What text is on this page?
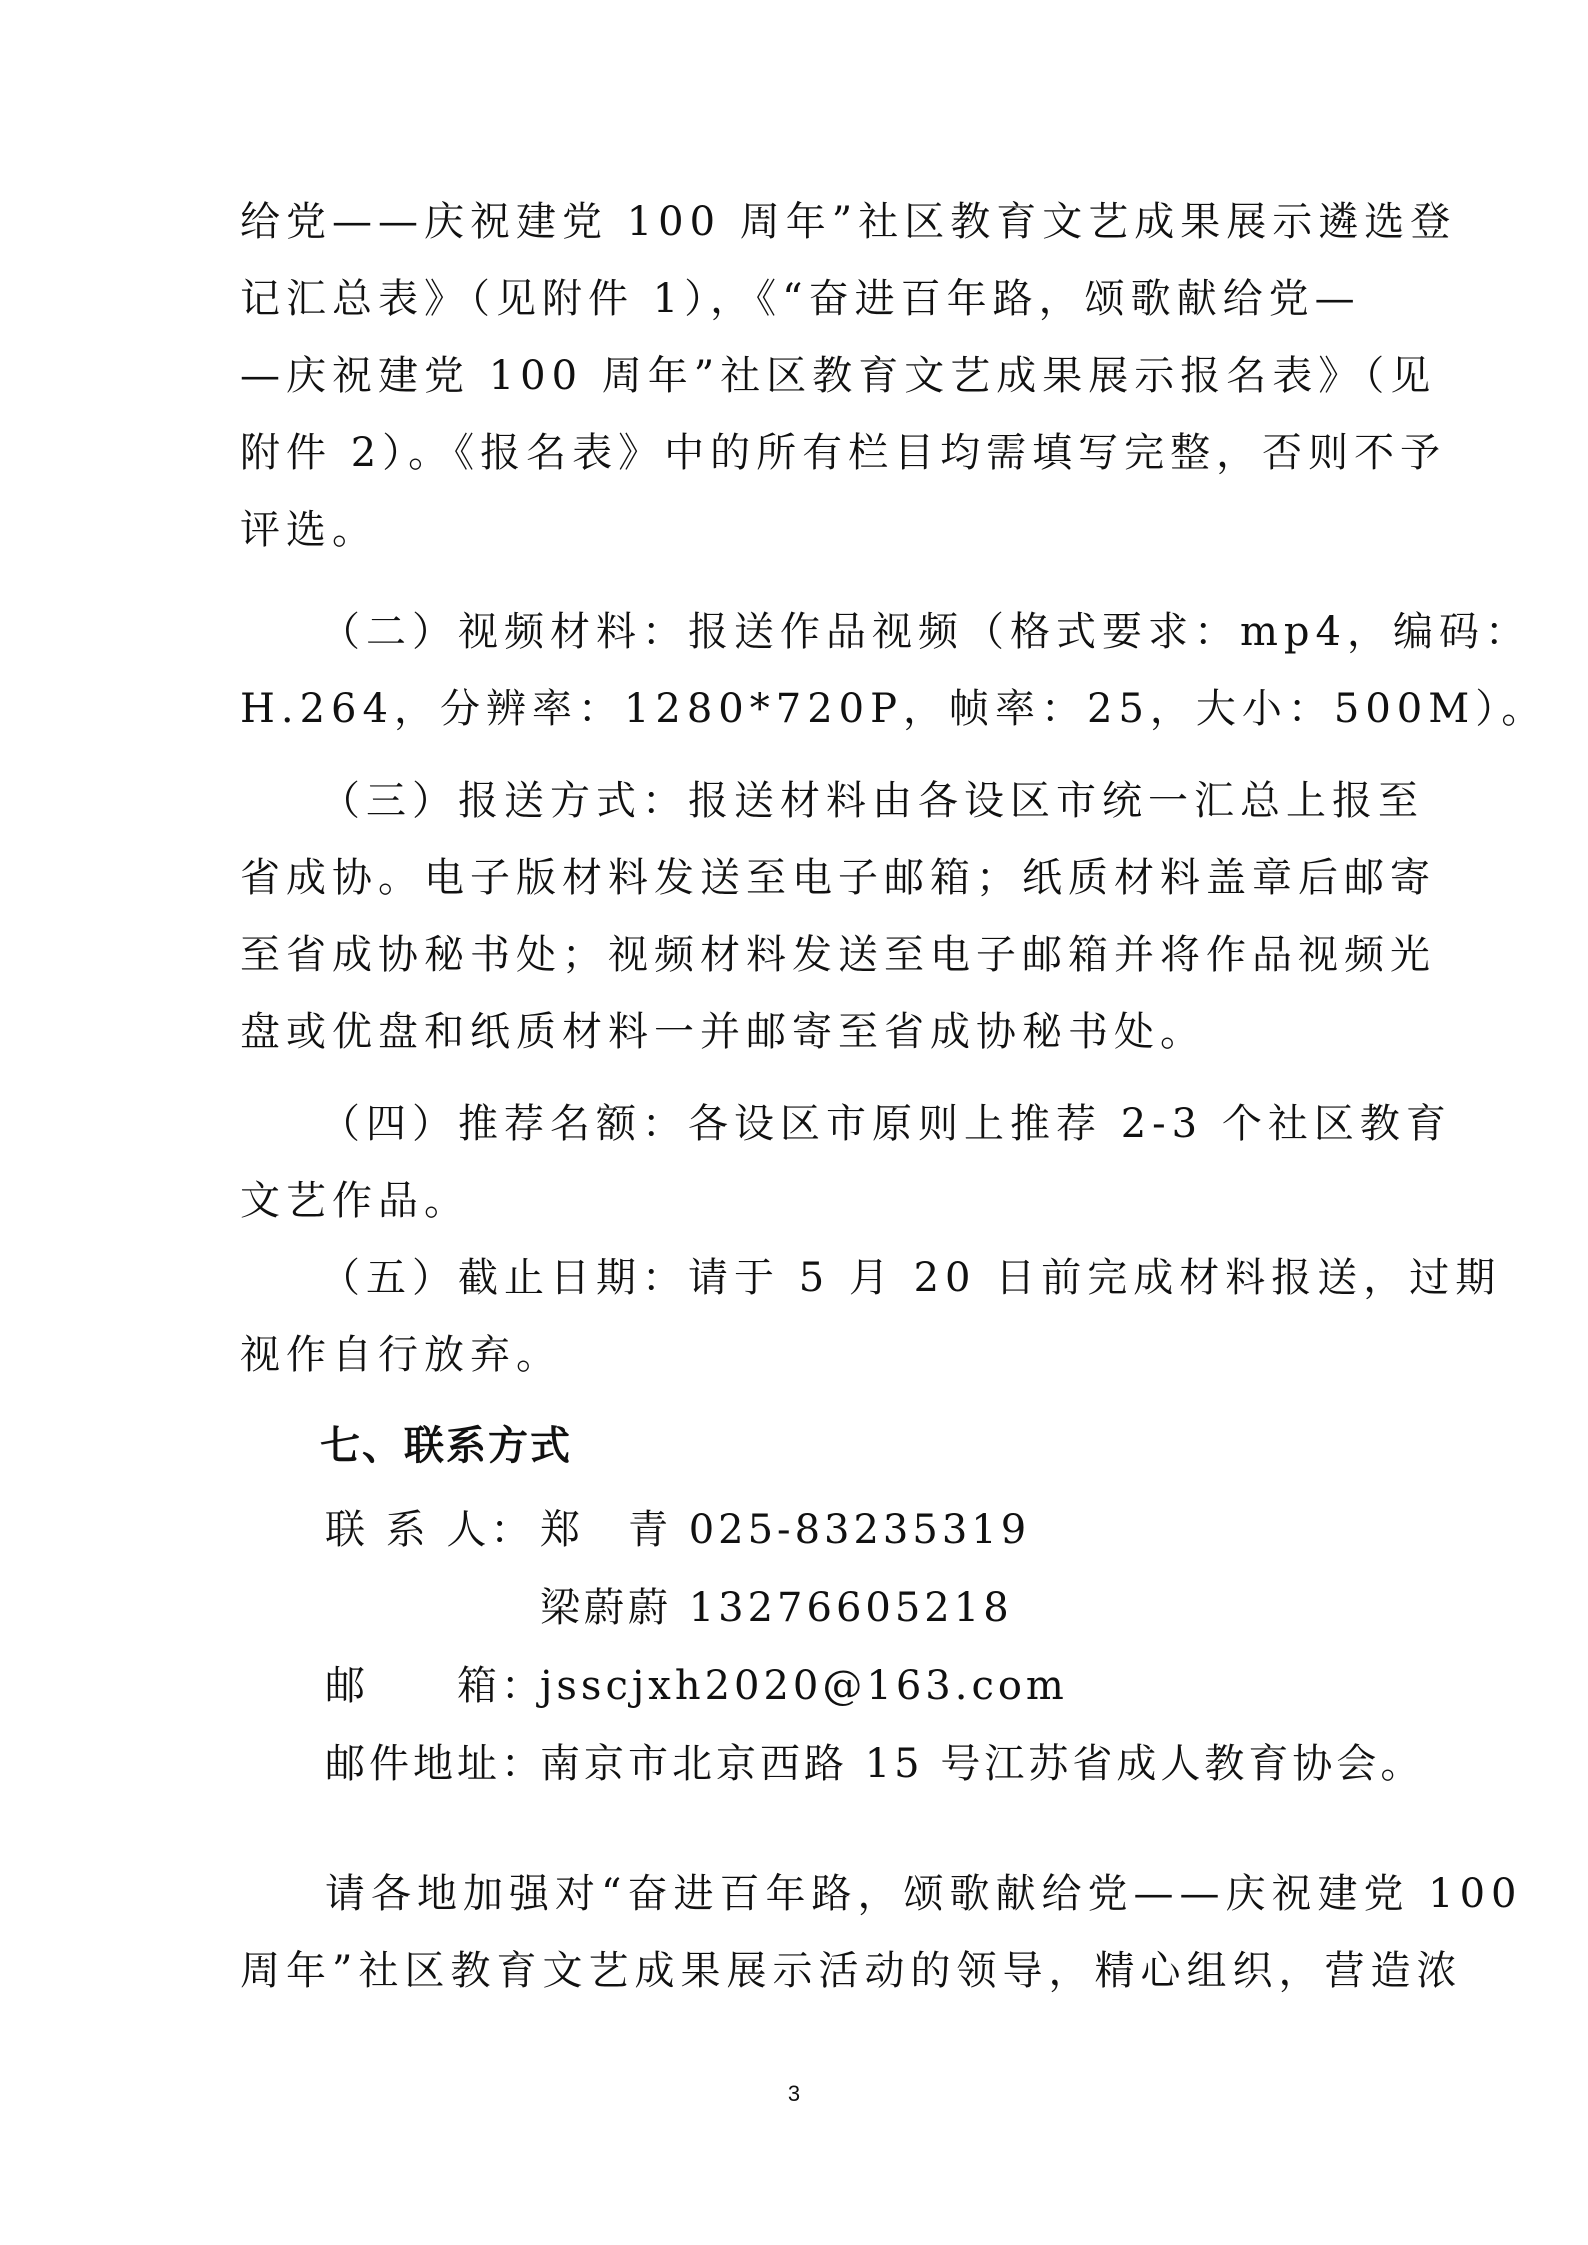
给党——庆祝建党 100 周年”社区教育文艺成果展示遴选登
记汇总表》（见附件 1），《“奋进百年路，颂歌献给党—
—庆祝建党 100 周年”社区教育文艺成果展示报名表》（见
附件 2）。《报名表》中的所有栏目均需填写完整，否则不予
评选。
（二）视频材料：报送作品视频（格式要求：mp4，编码：
H.264，分辨率：1280*720P，帧率：25，大小：500M）。
（三）报送方式：报送材料由各设区市统一汇总上报至
省成协。电子版材料发送至电子邮箱；纸质材料盖章后邮寄
至省成协秘书处；视频材料发送至电子邮箱并将作品视频光
盘或优盘和纸质材料一并邮寄至省成协秘书处。
（四）推荐名额：各设区市原则上推荐 2-3 个社区教育
文艺作品。
（五）截止日期：请于 5 月 20 日前完成材料报送，过期
视作自行放弃。
七、联系方式
联 系 人： 郑　青 025-83235319
梁蔚蔚 13276605218
邮　　箱：
jsscjxh2020@163.com
邮件地址：
南京市北京西路 15 号江苏省成人教育协会。
请各地加强对“奋进百年路，颂歌献给党——庆祝建党 100
周年”社区教育文艺成果展示活动的领导，精心组织，营造浓
3
